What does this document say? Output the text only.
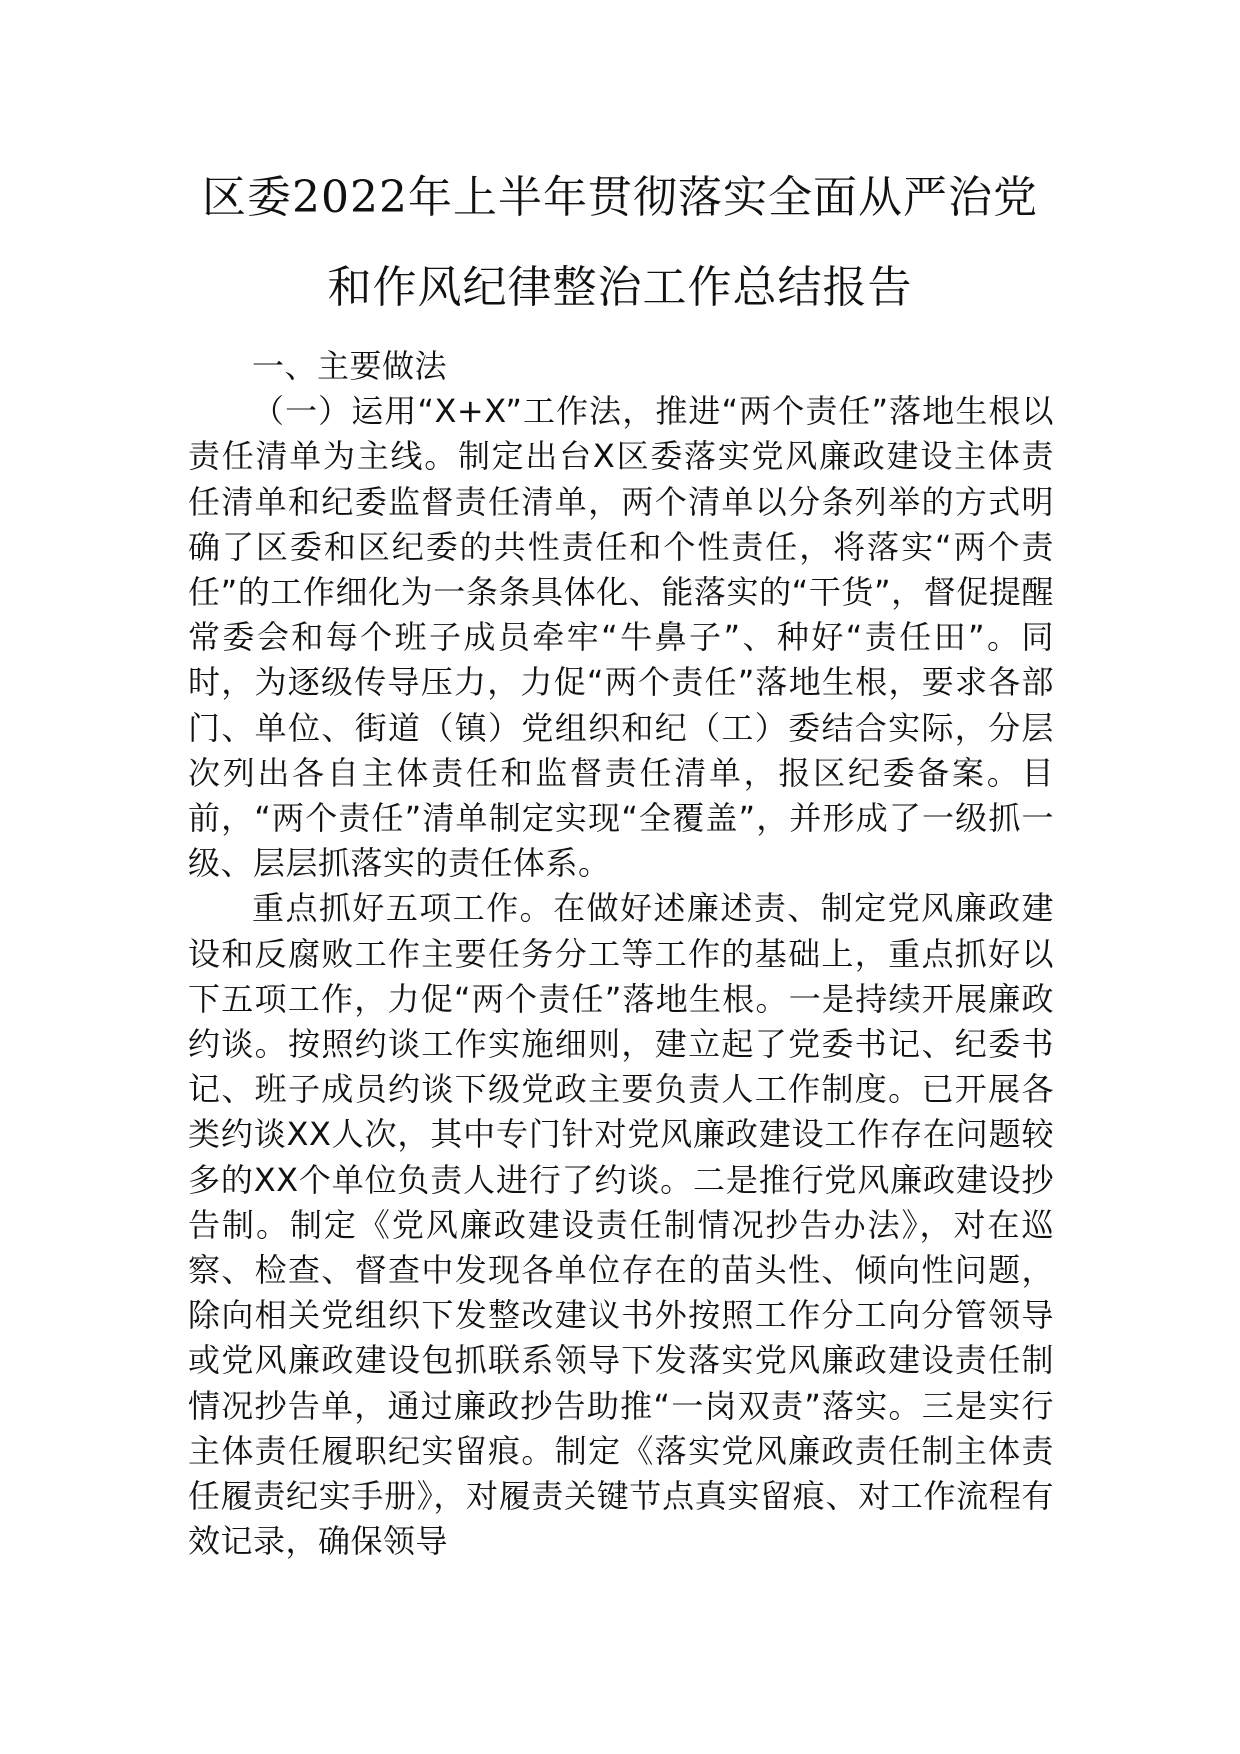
区委2022年上半年贯彻落实全面从严治党
和作风纪律整治工作总结报告

一、主要做法

（一）运用“X+X”工作法，推进“两个责任”落地生根以责任清单为主线。制定出台X区委落实党风廉政建设主体责任清单和纪委监督责任清单，两个清单以分条列举的方式明确了区委和区纪委的共性责任和个性责任，将落实“两个责任”的工作细化为一条条具体化、能落实的“干货”，督促提醒常委会和每个班子成员牵牢“牛鼻子”、种好“责任田”。同时，为逐级传导压力，力促“两个责任”落地生根，要求各部门、单位、街道（镇）党组织和纪（工）委结合实际，分层次列出各自主体责任和监督责任清单，报区纪委备案。目前，“两个责任”清单制定实现“全覆盖”，并形成了一级抓一级、层层抓落实的责任体系。

重点抓好五项工作。在做好述廉述责、制定党风廉政建设和反腐败工作主要任务分工等工作的基础上，重点抓好以下五项工作，力促“两个责任”落地生根。一是持续开展廉政约谈。按照约谈工作实施细则，建立起了党委书记、纪委书记、班子成员约谈下级党政主要负责人工作制度。已开展各类约谈XX人次，其中专门针对党风廉政建设工作存在问题较多的XX个单位负责人进行了约谈。二是推行党风廉政建设抄告制。制定《党风廉政建设责任制情况抄告办法》，对在巡察、检查、督查中发现各单位存在的苗头性、倾向性问题，除向相关党组织下发整改建议书外按照工作分工向分管领导或党风廉政建设包抓联系领导下发落实党风廉政建设责任制情况抄告单，通过廉政抄告助推“一岗双责”落实。三是实行主体责任履职纪实留痕。制定《落实党风廉政责任制主体责任履责纪实手册》，对履责关键节点真实留痕、对工作流程有效记录，确保领导
